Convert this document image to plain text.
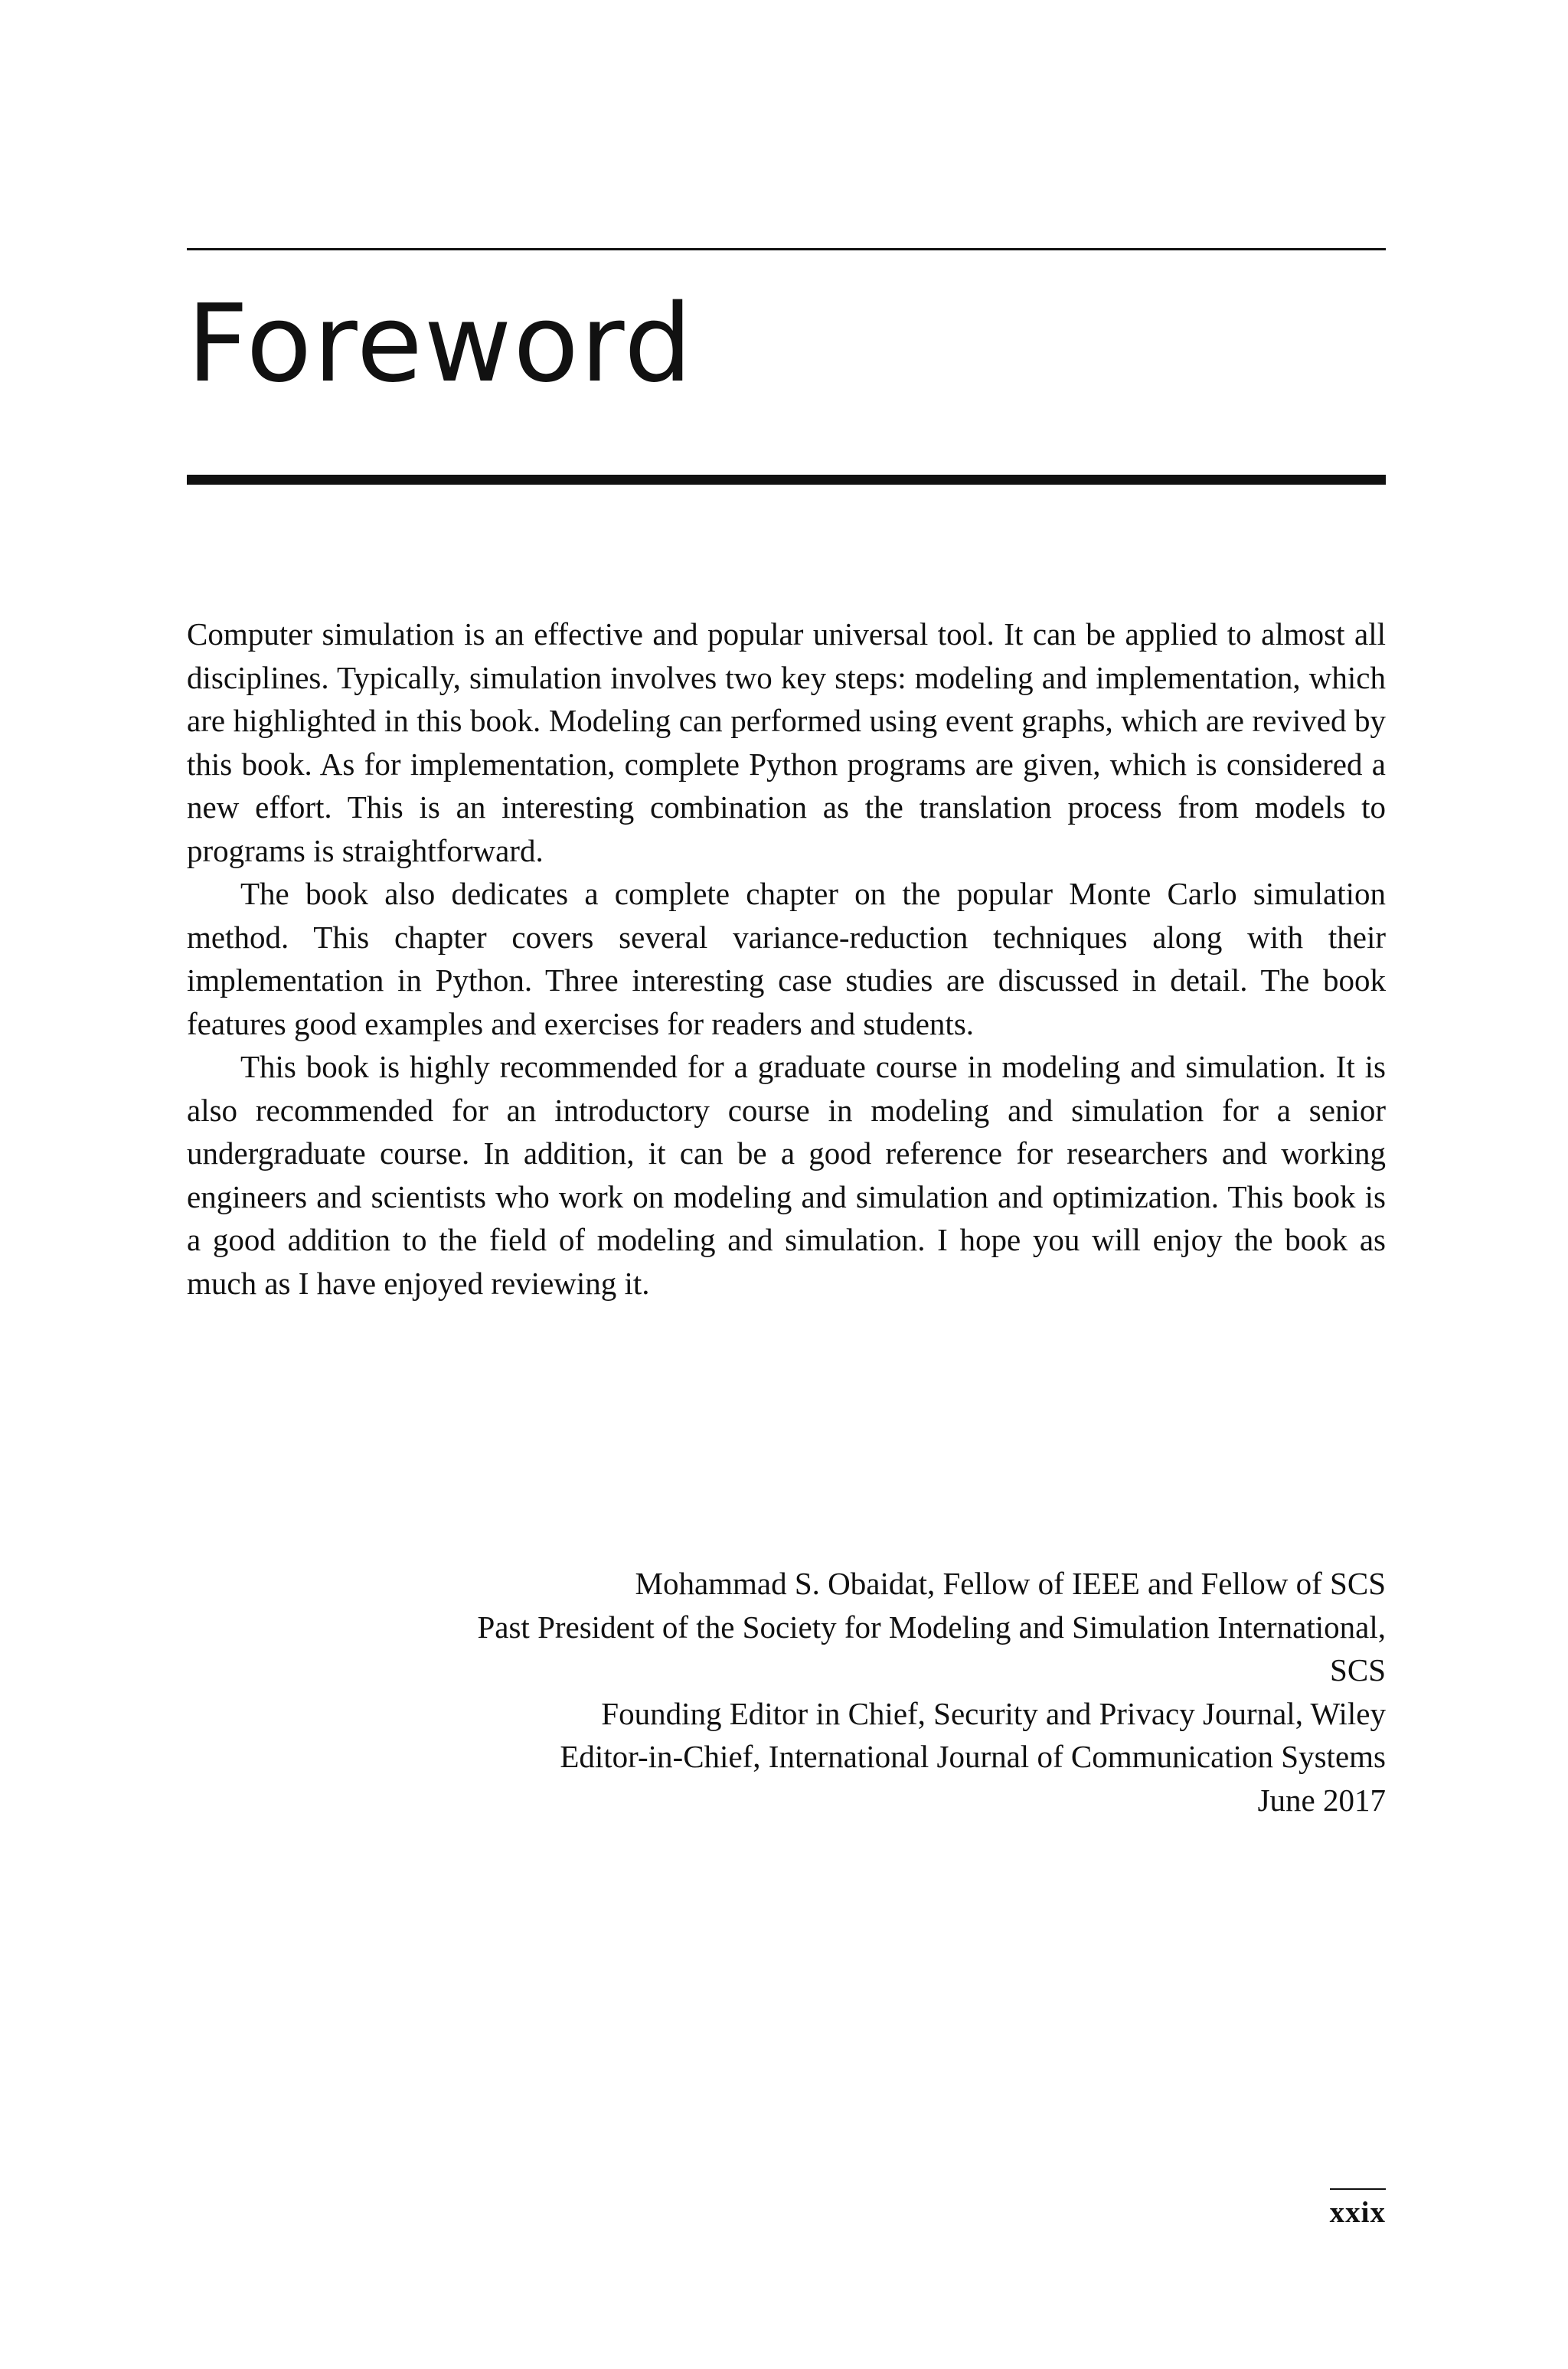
Foreword

Computer simulation is an effective and popular universal tool. It can be applied to almost all disciplines. Typically, simulation involves two key steps: modeling and implementation, which are highlighted in this book. Modeling can performed using event graphs, which are revived by this book. As for implementation, complete Python programs are given, which is considered a new effort. This is an interesting combination as the translation process from models to programs is straightforward.

The book also dedicates a complete chapter on the popular Monte Carlo simulation method. This chapter covers several variance-reduction techniques along with their implementation in Python. Three interesting case studies are discussed in detail. The book features good examples and exercises for readers and students.

This book is highly recommended for a graduate course in modeling and simulation. It is also recommended for an introductory course in modeling and simulation for a senior undergraduate course. In addition, it can be a good reference for researchers and working engineers and scientists who work on modeling and simulation and optimization. This book is a good addition to the field of modeling and simulation. I hope you will enjoy the book as much as I have enjoyed reviewing it.

Mohammad S. Obaidat, Fellow of IEEE and Fellow of SCS
Past President of the Society for Modeling and Simulation International,
SCS
Founding Editor in Chief, Security and Privacy Journal, Wiley
Editor-in-Chief, International Journal of Communication Systems
June 2017
xxix
